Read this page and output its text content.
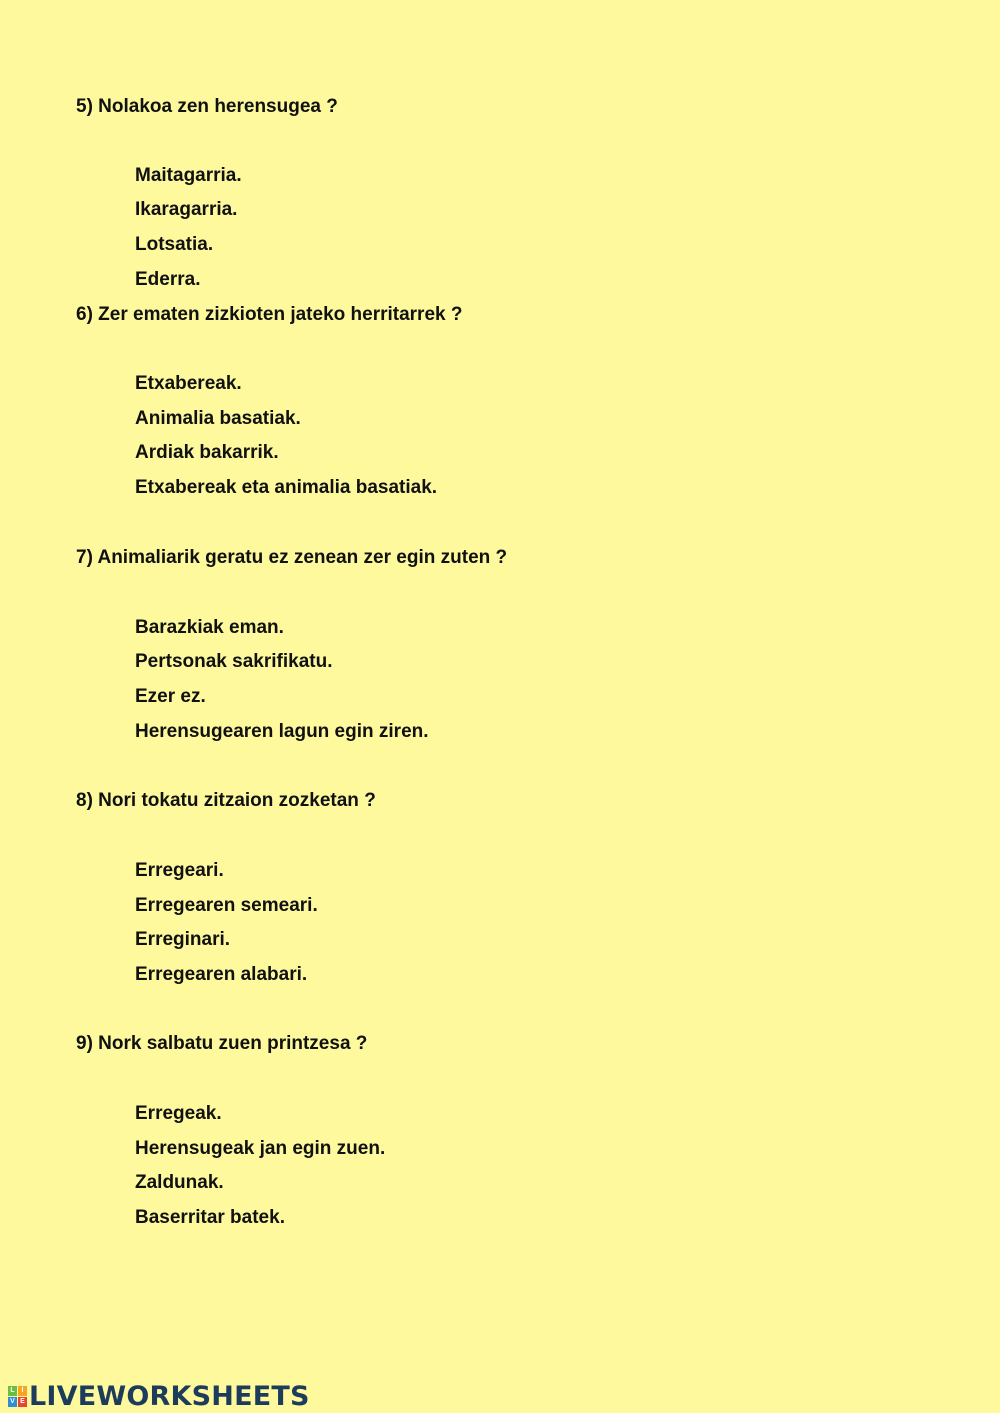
5) Nolakoa zen herensugea ?
Maitagarria.
Ikaragarria.
Lotsatia.
Ederra.
6) Zer ematen zizkioten jateko herritarrek ?
Etxabereak.
Animalia basatiak.
Ardiak bakarrik.
Etxabereak eta animalia basatiak.
7) Animaliarik geratu ez zenean zer egin zuten ?
Barazkiak eman.
Pertsonak sakrifikatu.
Ezer ez.
Herensugearen lagun egin ziren.
8) Nori tokatu zitzaion zozketan ?
Erregeari.
Erregearen semeari.
Erreginari.
Erregearen alabari.
9) Nork salbatu zuen printzesa ?
Erregeak.
Herensugeak jan egin zuen.
Zaldunak.
Baserritar batek.
L I
V E LIVEWORKSHEETS
